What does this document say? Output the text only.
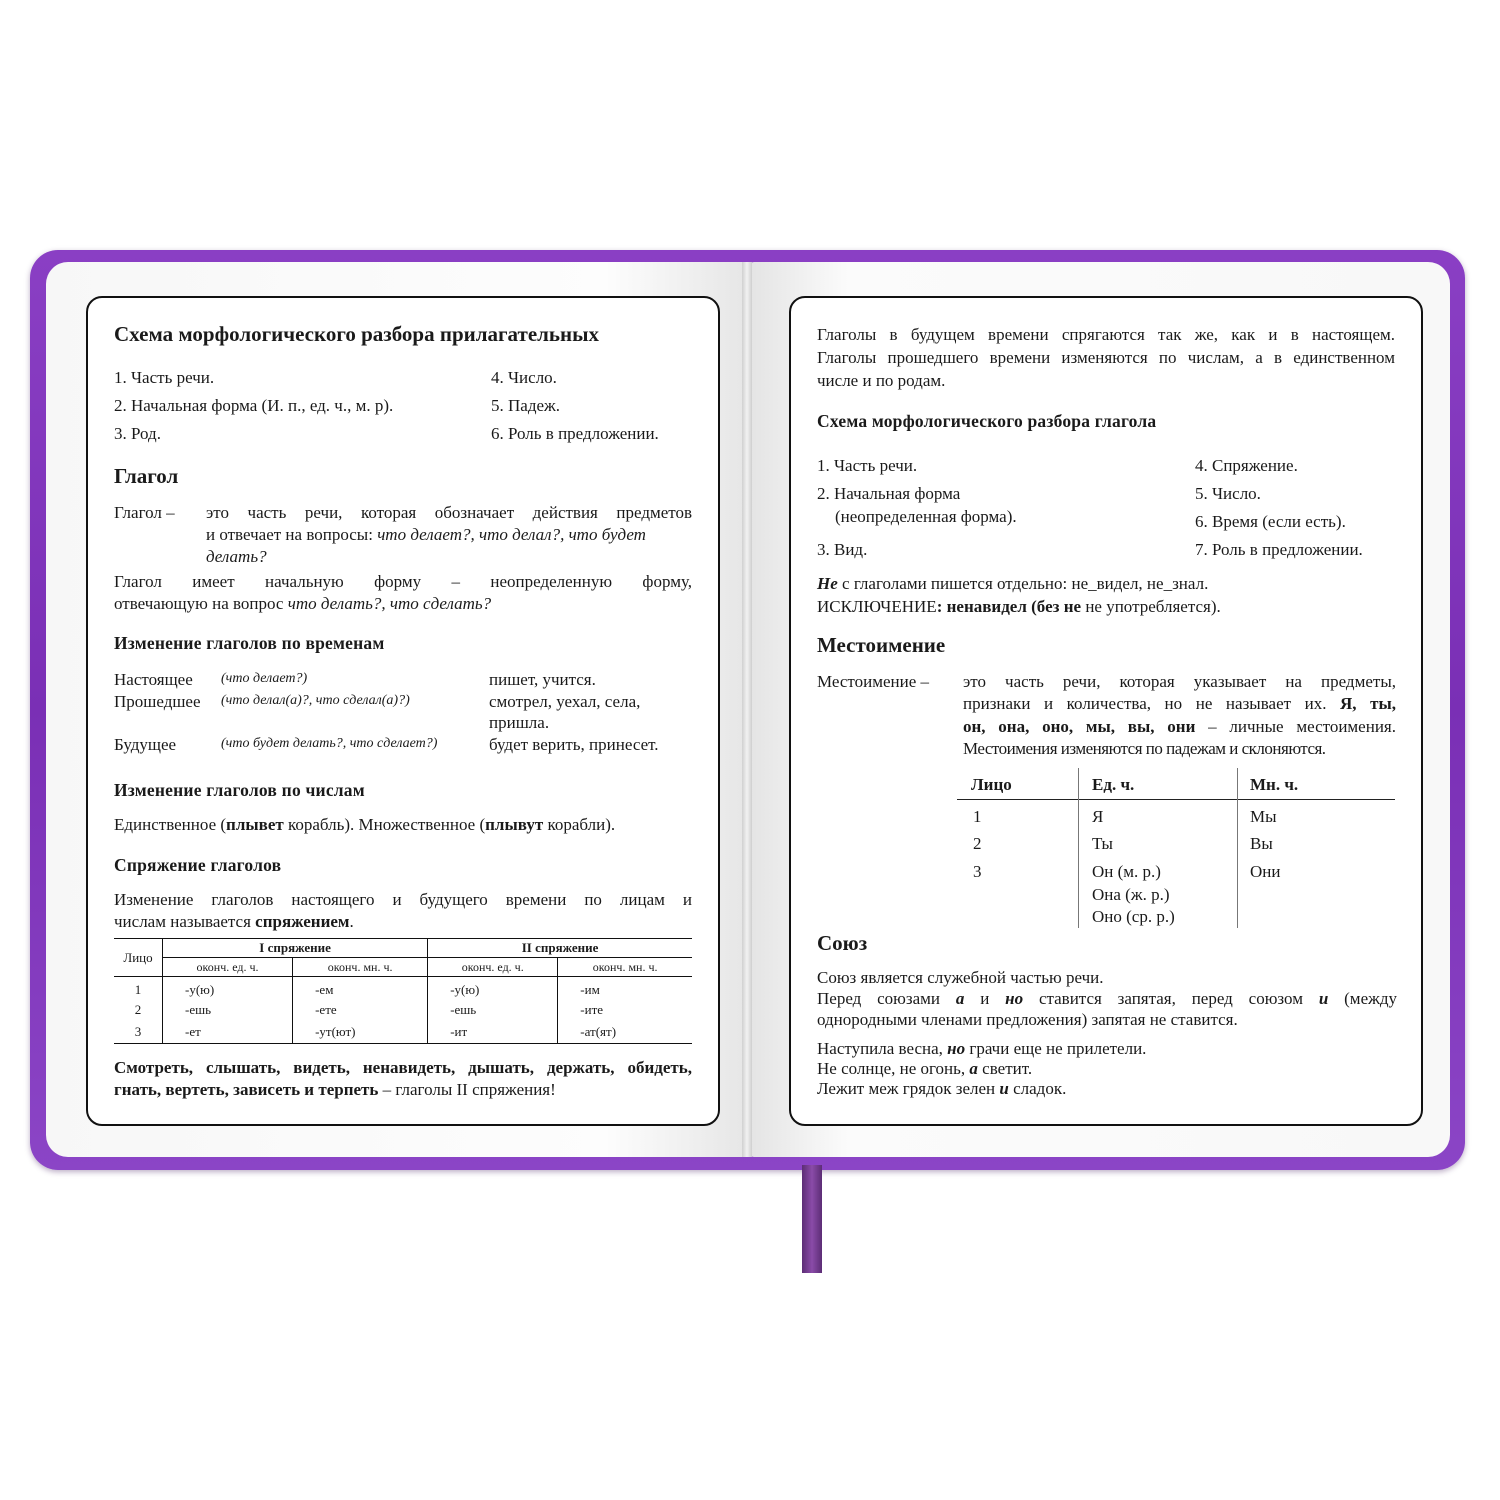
Схема морфологического разбора прилагательных
1. Часть речи.
2. Начальная форма (И. п., ед. ч., м. р).
3. Род.
4. Число.
5. Падеж.
6. Роль в предложении.
Глагол
Глагол – это часть речи, которая обозначает действия предметов
и отвечает на вопросы: что делает?, что делал?, что будет
делать?
Глагол имеет начальную форму – неопределенную форму,
отвечающую на вопрос что делать?, что сделать?
Изменение глаголов по временам
Настоящее (что делает?)	пишет, учится.
Прошедшее (что делал(а)?, что сделал(а)?)	смотрел, уехал, села,
пришла.
Будущее	(что будет делать?, что сделает?)	будет верить, принесет.
Изменение глаголов по числам
Единственное (плывет корабль). Множественное (плывут корабли).
Спряжение глаголов
Изменение глаголов настоящего и будущего времени по лицам и
числам называется спряжением.
Лицо	I спряжение		II спряжение	
	оконч. ед. ч.	оконч. мн. ч.	оконч. ед. ч.	оконч. мн. ч.
1	-у(ю)	-ем	-у(ю)	-им
2	-ешь	-ете	-ешь	-ите
3	-ет	-ут(ют)	-ит	-ат(ят)
Смотреть, слышать, видеть, ненавидеть, дышать, держать, обидеть,
гнать, вертеть, зависеть и терпеть – глаголы II спряжения!
Глаголы в будущем времени спрягаются так же, как и в настоящем.
Глаголы прошедшего времени изменяются по числам, а в единственном
числе и по родам.
Схема морфологического разбора глагола
1. Часть речи.
2. Начальная форма
(неопределенная форма).
3. Вид.
4. Спряжение.
5. Число.
6. Время (если есть).
7. Роль в предложении.
Не с глаголами пишется отдельно: не_видел, не_знал.
ИСКЛЮЧЕНИЕ: ненавидел (без не не употребляется).
Местоимение
Местоимение – это часть речи, которая указывает на предметы,
признаки и количества, но не называет их. Я, ты,
он, она, оно, мы, вы, они – личные местоимения.
Местоимения изменяются по падежам и склоняются.
Лицо	Ед. ч.	Мн. ч.
1	Я	Мы
2	Ты	Вы
3	Он (м. р.)	Они
Она (ж. р.)
Оно (ср. р.)
Союз
Союз является служебной частью речи.
Перед союзами а и но ставится запятая, перед союзом и (между
однородными членами предложения) запятая не ставится.
Наступила весна, но грачи еще не прилетели.
Не солнце, не огонь, а светит.
Лежит меж грядок зелен и сладок.
